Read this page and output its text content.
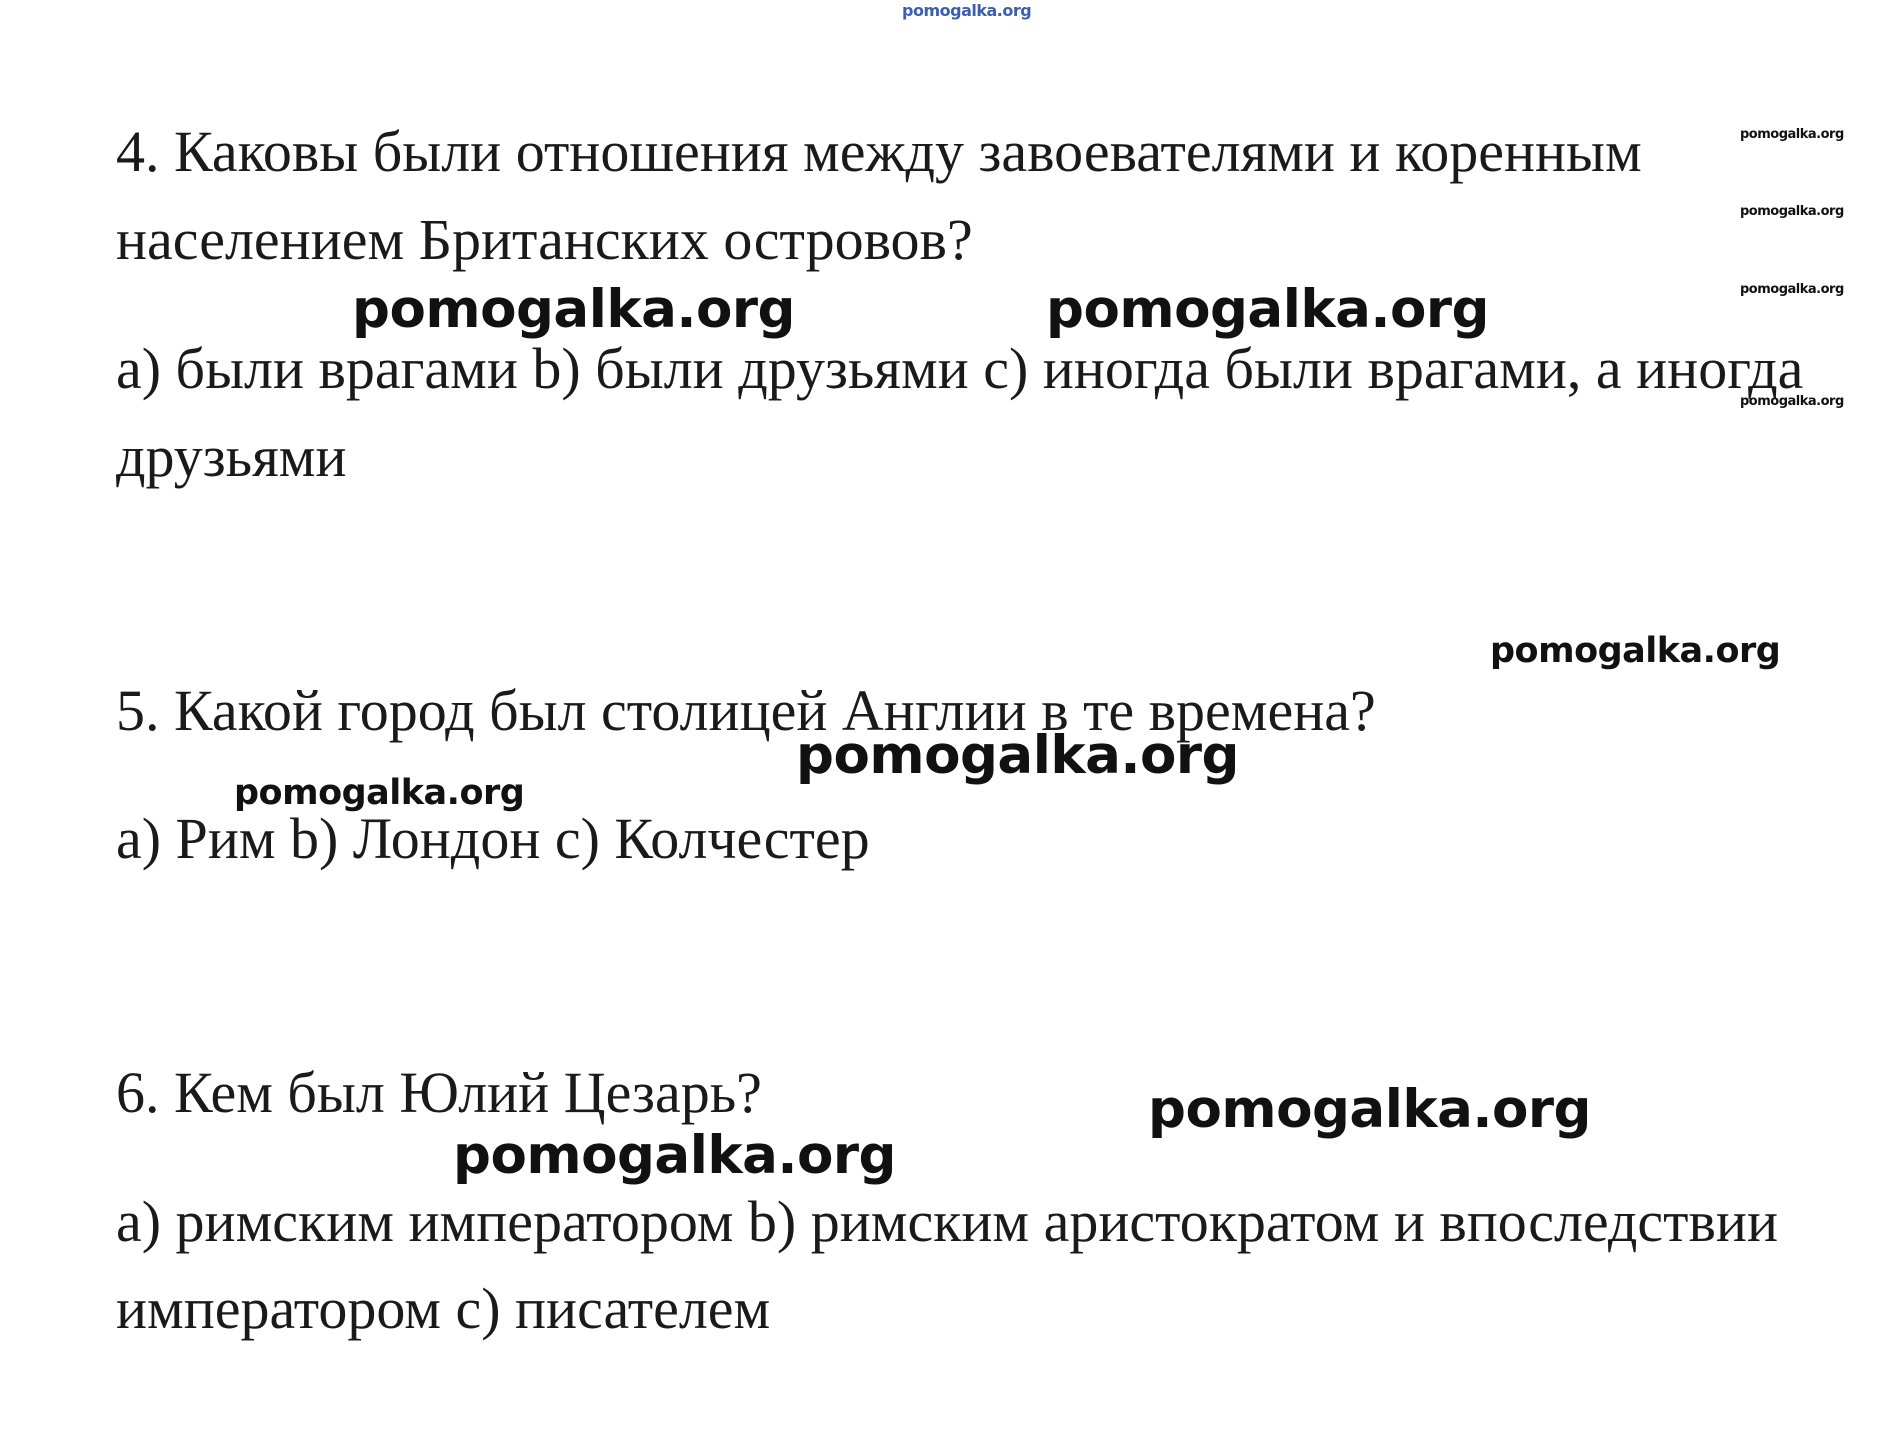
pomogalka.org
pomogalka.org
pomogalka.org
pomogalka.org
pomogalka.org
pomogalka.org	pomogalka.org
pomogalka.org
pomogalka.org
pomogalka.org
pomogalka.org
pomogalka.org

4. Каковы были отношения между завоевателями и коренным

населением Британских островов?

a) были врагами b) были друзьями c) иногда были врагами, а иногда

друзьями

5. Какой город был столицей Англии в те времена?

a) Рим b) Лондон c) Колчестер

6. Кем был Юлий Цезарь?

a) римским императором b) римским аристократом и впоследствии

императором c) писателем
